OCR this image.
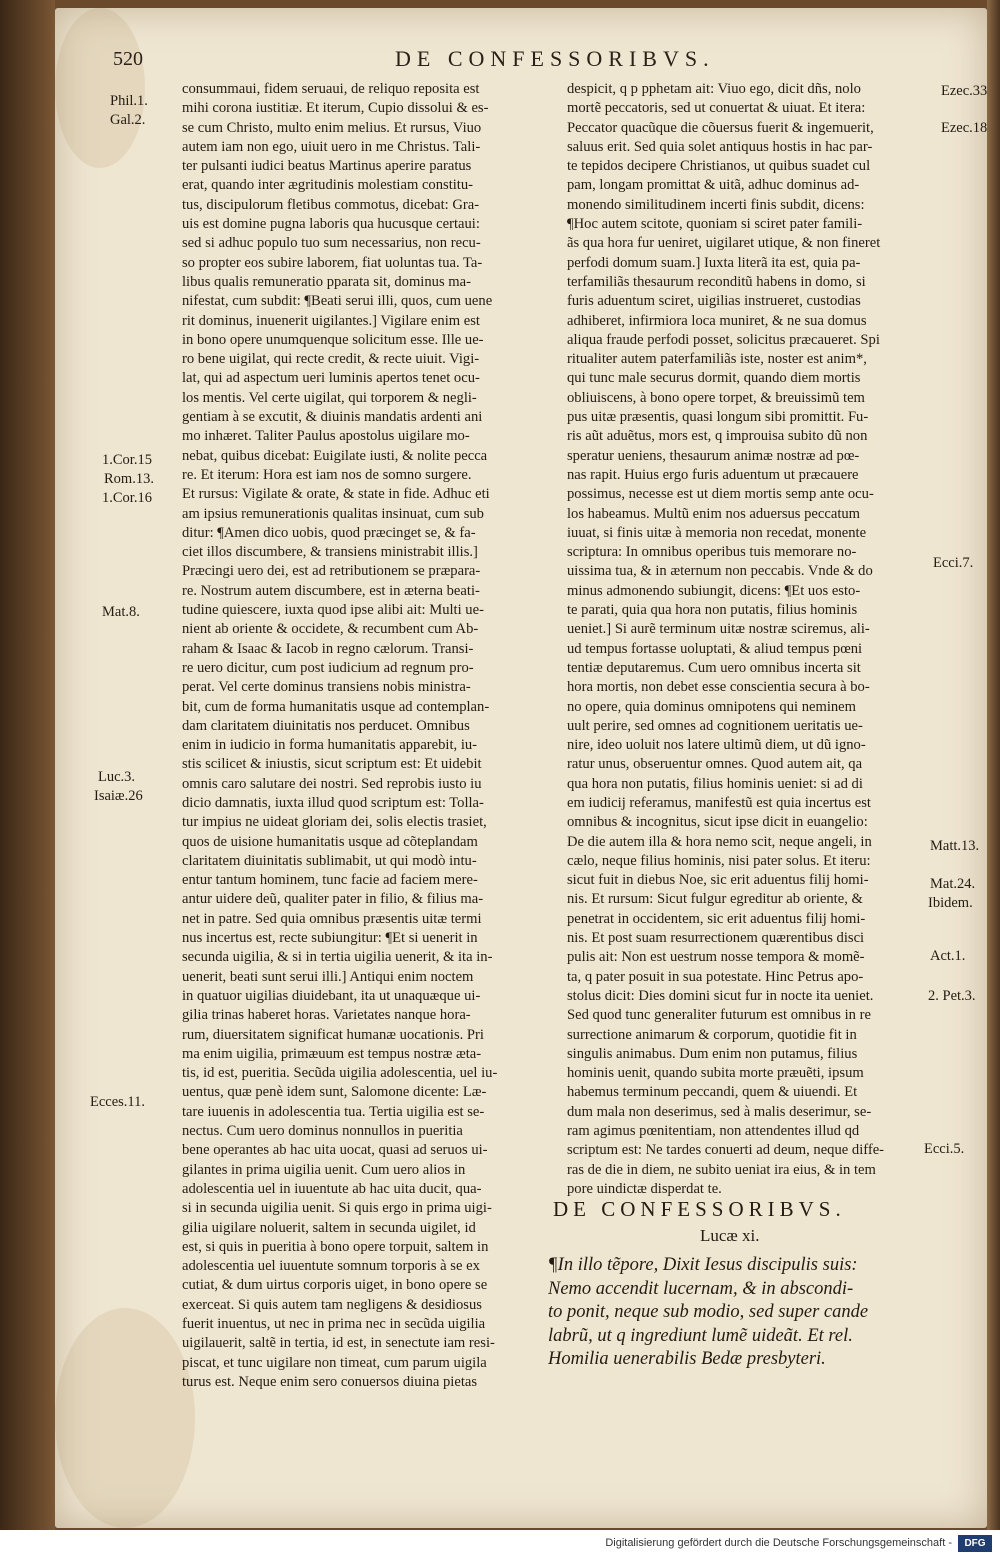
520	DE CONFESSORIBVS.
consummaui, fidem seruaui, de reliquo reposita est
mihi corona iustitiæ. Et iterum, Cupio dissolui & es-
se cum Christo, multo enim melius. Et rursus, Viuo
autem iam non ego, uiuit uero in me Christus. Tali-
ter pulsanti iudici beatus Martinus aperire paratus
erat, quando inter ægritudinis molestiam constitu-
tus, discipulorum fletibus commotus, dicebat: Gra-
uis est domine pugna laboris qua hucusque certaui:
sed si adhuc populo tuo sum necessarius, non recu-
so propter eos subire laborem, fiat uoluntas tua. Ta-
libus qualis remuneratio pparata sit, dominus ma-
nifestat, cum subdit: ¶Beati serui illi, quos, cum uene
rit dominus, inuenerit uigilantes.] Vigilare enim est
in bono opere unumquenque solicitum esse. Ille ue-
ro bene uigilat, qui recte credit, & recte uiuit. Vigi-
lat, qui ad aspectum ueri luminis apertos tenet ocu-
los mentis. Vel certe uigilat, qui torporem & negli-
gentiam à se excutit, & diuinis mandatis ardenti ani
mo inhæret. Taliter Paulus apostolus uigilare mo-
nebat, quibus dicebat: Euigilate iusti, & nolite pecca
re. Et iterum: Hora est iam nos de somno surgere.
Et rursus: Vigilate & orate, & state in fide. Adhuc eti
am ipsius remunerationis qualitas insinuat, cum sub
ditur: ¶Amen dico uobis, quod præcinget se, & fa-
ciet illos discumbere, & transiens ministrabit illis.]
Præcingi uero dei, est ad retributionem se præpara-
re. Nostrum autem discumbere, est in æterna beati-
tudine quiescere, iuxta quod ipse alibi ait: Multi ue-
nient ab oriente & occidete, & recumbent cum Ab-
raham & Isaac & Iacob in regno cælorum. Transi-
re uero dicitur, cum post iudicium ad regnum pro-
perat. Vel certe dominus transiens nobis ministra-
bit, cum de forma humanitatis usque ad contemplan-
dam claritatem diuinitatis nos perducet. Omnibus
enim in iudicio in forma humanitatis apparebit, iu-
stis scilicet & iniustis, sicut scriptum est: Et uidebit
omnis caro salutare dei nostri. Sed reprobis iusto iu
dicio damnatis, iuxta illud quod scriptum est: Tolla-
tur impius ne uideat gloriam dei, solis electis trasiet,
quos de uisione humanitatis usque ad cõteplandam
claritatem diuinitatis sublimabit, ut qui modò intu-
entur tantum hominem, tunc facie ad faciem merе-
antur uidere deũ, qualiter pater in filio, & filius ma-
net in patre. Sed quia omnibus præsentis uitæ termi
nus incertus est, recte subiungitur: ¶Et si uenerit in
secunda uigilia, & si in tertia uigilia uenerit, & ita in-
uenerit, beati sunt serui illi.] Antiqui enim noctem
in quatuor uigilias diuidebant, ita ut unaquæque ui-
gilia trinas haberet horas. Varietates nanque hora-
rum, diuersitatem significat humanæ uocationis. Pri
ma enim uigilia, primæuum est tempus nostræ æta-
tis, id est, pueritia. Secũda uigilia adolescentia, uel iu-
uentus, quæ penè idem sunt, Salomone dicente: Læ-
tare iuuenis in adolescentia tua. Tertia uigilia est se-
nectus. Cum uero dominus nonnullos in pueritia
bene operantes ab hac uita uocat, quasi ad seruos ui-
gilantes in prima uigilia uenit. Cum uero alios in
adolescentia uel in iuuentute ab hac uita ducit, qua-
si in secunda uigilia uenit. Si quis ergo in prima uigi-
gilia uigilare noluerit, saltem in secunda uigilet, id
est, si quis in pueritia à bono opere torpuit, saltem in
adolescentia uel iuuentute somnum torporis à se ex
cutiat, & dum uirtus corporis uiget, in bono opere se
exerceat. Si quis autem tam negligens & desidiosus
fuerit inuentus, ut nec in prima nec in secũda uigilia
uigilauerit, saltẽ in tertia, id est, in senectute iam resi-
piscat, et tunc uigilare non timeat, cum parum uigila
turus est. Neque enim sero conuersos diuina pietas
despicit, q p pphetam ait: Viuo ego, dicit dñs, nolo
mortẽ peccatoris, sed ut conuertat & uiuat. Et itera:
Peccator quacũque die cõuersus fuerit & ingemuerit,
saluus erit. Sed quia solet antiquus hostis in hac par-
te tepidos decipere Christianos, ut quibus suadet cul
pam, longam promittat & uitã, adhuc dominus ad-
monendo similitudinem incerti finis subdit, dicens:
¶Hoc autem scitote, quoniam si sciret pater famili-
ãs qua hora fur ueniret, uigilaret utique, & non fineret
perfodi domum suam.] Iuxta literã ita est, quia pa-
terfamiliãs thesaurum reconditũ habens in domo, si
furis aduentum sciret, uigilias instrueret, custodias
adhiberet, infirmiora loca muniret, & ne sua domus
aliqua fraude perfodi posset, solicitus præcaueret. Spi
ritualiter autem paterfamiliãs iste, noster est anim*,
qui tunc male securus dormit, quando diem mortis
obliuiscens, à bono opere torpet, & breuissimũ tem
pus uitæ præsentis, quasi longum sibi promittit. Fu-
ris aũt aduẽtus, mors est, q improuisa subito dũ non
speratur ueniens, thesaurum animæ nostræ ad pœ-
nas rapit. Huius ergo furis aduentum ut præcauere
possimus, necesse est ut diem mortis semp ante ocu-
los habeamus. Multũ enim nos aduersus peccatum
iuuat, si finis uitæ à memoria non recedat, monente
scriptura: In omnibus operibus tuis memorare no-
uissima tua, & in æternum non peccabis. Vnde & do
minus admonendo subiungit, dicens: ¶Et uos esto-
te parati, quia qua hora non putatis, filius hominis
ueniet.] Si aurẽ terminum uitæ nostræ sciremus, ali-
ud tempus fortasse uoluptati, & aliud tempus pœni
tentiæ deputaremus. Cum uero omnibus incerta sit
hora mortis, non debet esse conscientia secura à bo-
no opere, quia dominus omnipotens qui neminem
uult perire, sed omnes ad cognitionem ueritatis ue-
nire, ideo uoluit nos latere ultimũ diem, ut dũ igno-
ratur unus, obseruentur omnes. Quod autem ait, qa
qua hora non putatis, filius hominis ueniet: si ad di
em iudicij referamus, manifestũ est quia incertus est
omnibus & incognitus, sicut ipse dicit in euangelio:
De die autem illa & hora nemo scit, neque angeli, in
cælo, neque filius hominis, nisi pater solus. Et iteru:
sicut fuit in diebus Noe, sic erit aduentus filij homi-
nis. Et rursum: Sicut fulgur egreditur ab oriente, &
penetrat in occidentem, sic erit aduentus filij homi-
nis. Et post suam resurrectionem quærentibus disci
pulis ait: Non est uestrum nosse tempora & momẽ-
ta, q pater posuit in sua potestate. Hinc Petrus apo-
stolus dicit: Dies domini sicut fur in nocte ita ueniet.
Sed quod tunc generaliter futurum est omnibus in re
surrectione animarum & corporum, quotidie fit in
singulis animabus. Dum enim non putamus, filius
hominis uenit, quando subita morte præuẽti, ipsum
habemus terminum peccandi, quem & uiuendi. Et
dum mala non deserimus, sed à malis deserimur, se-
ram agimus pœnitentiam, non attendentes illud qd
scriptum est: Ne tardes conuerti ad deum, neque diffe-
ras de die in diem, ne subito ueniat ira eius, & in tem
pore uindictæ disperdat te.
Phil.1.
Gal.2.
1.Cor.15
Rom.13.
1.Cor.16
Mat.8.
Luc.3.
Isaiæ.26
Ecces.11.
Ezec.33
Ezec.18
Ecci.7.
Matt.13.
Mat.24.
Ibidem.
Act.1.
2. Pet.3.
Ecci.5.
DE CONFESSORIBVS.
Lucæ xi.
¶In illo tẽpore, Dixit Iesus discipulis suis:
Nemo accendit lucernam, & in abscondi-
to ponit, neque sub modio, sed super cande
labrũ, ut q ingrediunt lumẽ uideãt. Et rel.
Homilia uenerabilis Bedæ presbyteri.
Digitalisierung gefördert durch die Deutsche Forschungsgemeinschaft -	DFG
